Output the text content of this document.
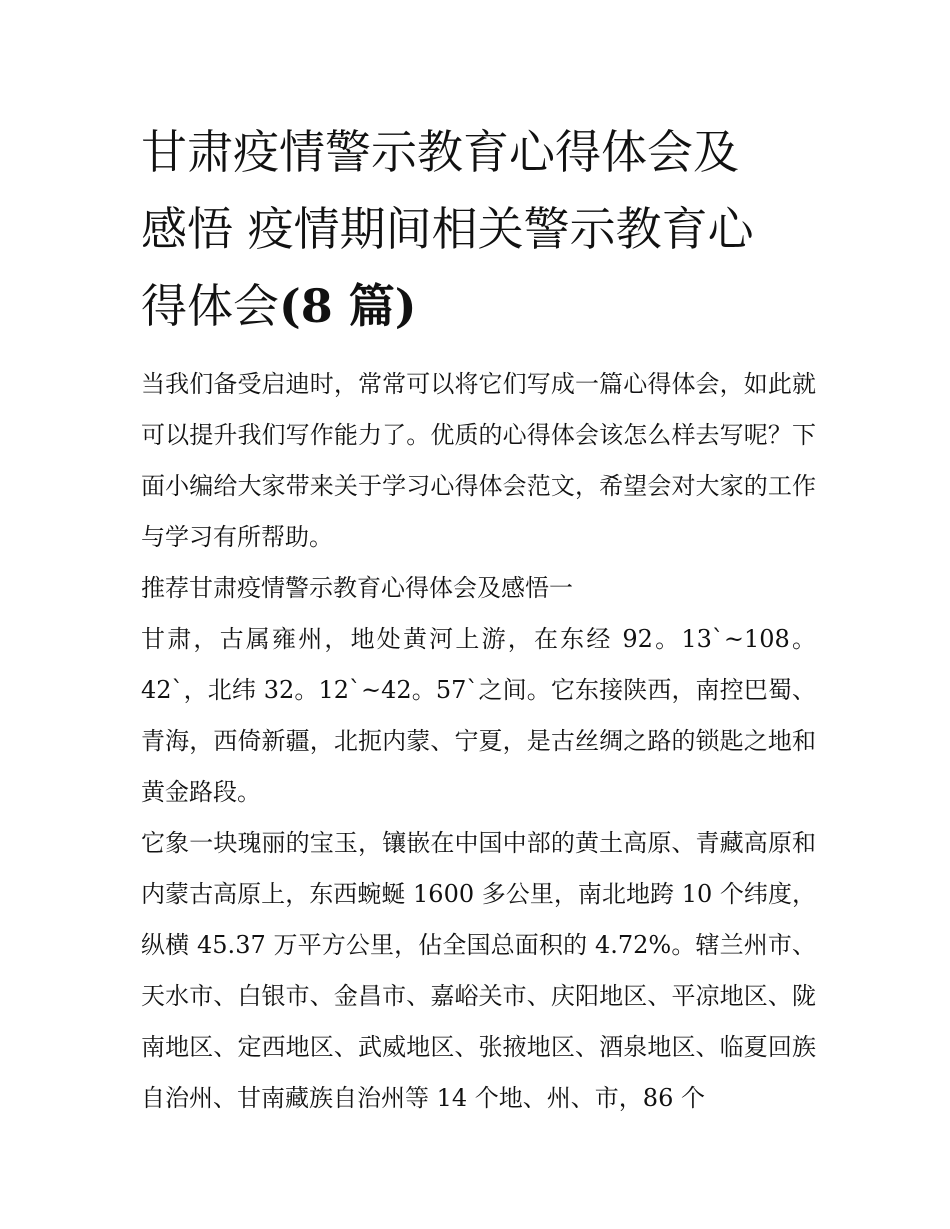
甘肃疫情警示教育心得体会及
感悟 疫情期间相关警示教育心
得体会(8 篇)

当我们备受启迪时，常常可以将它们写成一篇心得体会，如此就可以提升我们写作能力了。优质的心得体会该怎么样去写呢？下面小编给大家带来关于学习心得体会范文，希望会对大家的工作与学习有所帮助。

推荐甘肃疫情警示教育心得体会及感悟一

甘肃，古属雍州，地处黄河上游，在东经 92。13`~108。42`，北纬 32。12`~42。57`之间。它东接陕西，南控巴蜀、青海，西倚新疆，北扼内蒙、宁夏，是古丝绸之路的锁匙之地和黄金路段。

它象一块瑰丽的宝玉，镶嵌在中国中部的黄土高原、青藏高原和内蒙古高原上，东西蜿蜒 1600 多公里，南北地跨 10 个纬度，纵横 45.37 万平方公里，佔全国总面积的 4.72%。辖兰州市、天水市、白银市、金昌市、嘉峪关市、庆阳地区、平凉地区、陇南地区、定西地区、武威地区、张掖地区、酒泉地区、临夏回族自治州、甘南藏族自治州等 14 个地、州、市，86 个
